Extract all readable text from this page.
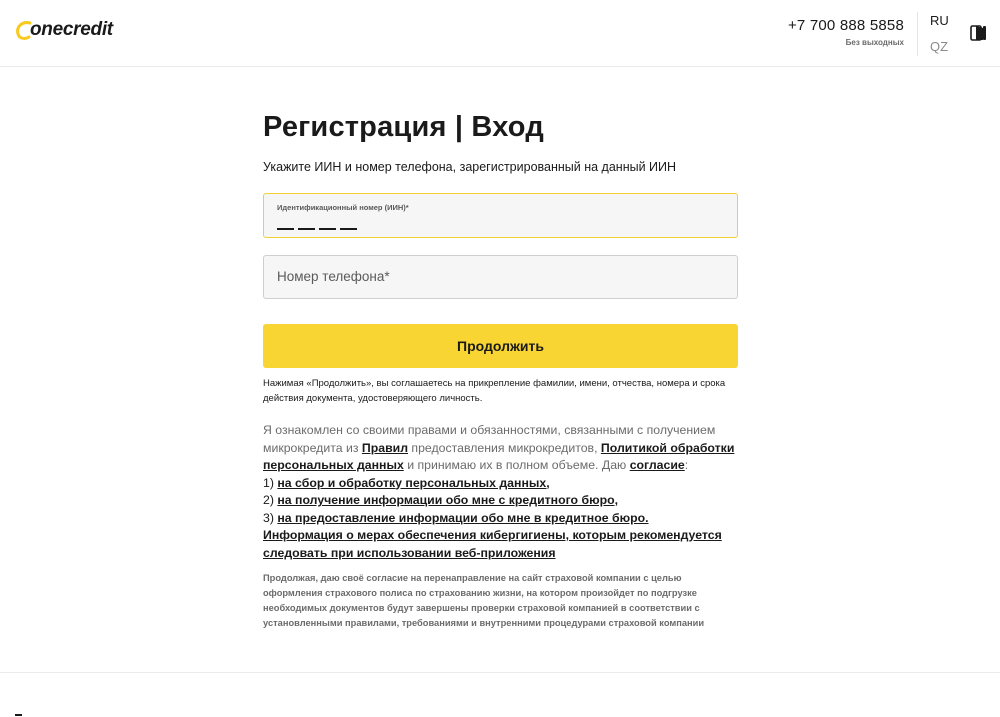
onecredit	+7 700 888 5858
Без выходных
RU
QZ
Регистрация | Вход

Укажите ИИН и номер телефона, зарегистрированный на данный ИИН

Идентификационный номер (ИИН)*
Номер телефона*
Продолжить

Нажимая «Продолжить», вы соглашаетесь на прикрепление фамилии, имени, отчества, номера и срока действия документа, удостоверяющего личность.

Я ознакомлен со своими правами и обязанностями, связанными с получением микрокредита из Правил предоставления микрокредитов, Политикой обработки персональных данных и принимаю их в полном объеме. Даю согласие:
1) на сбор и обработку персональных данных,
2) на получение информации обо мне с кредитного бюро,
3) на предоставление информации обо мне в кредитное бюро.
Информация о мерах обеспечения кибергигиены, которым рекомендуется следовать при использовании веб-приложения

Продолжая, даю своё согласие на перенаправление на сайт страховой компании с целью оформления страхового полиса по страхованию жизни, на котором произойдет по подгрузке необходимых документов будут завершены проверки страховой компанией в соответствии с установленными правилами, требованиями и внутренними процедурами страховой компании
